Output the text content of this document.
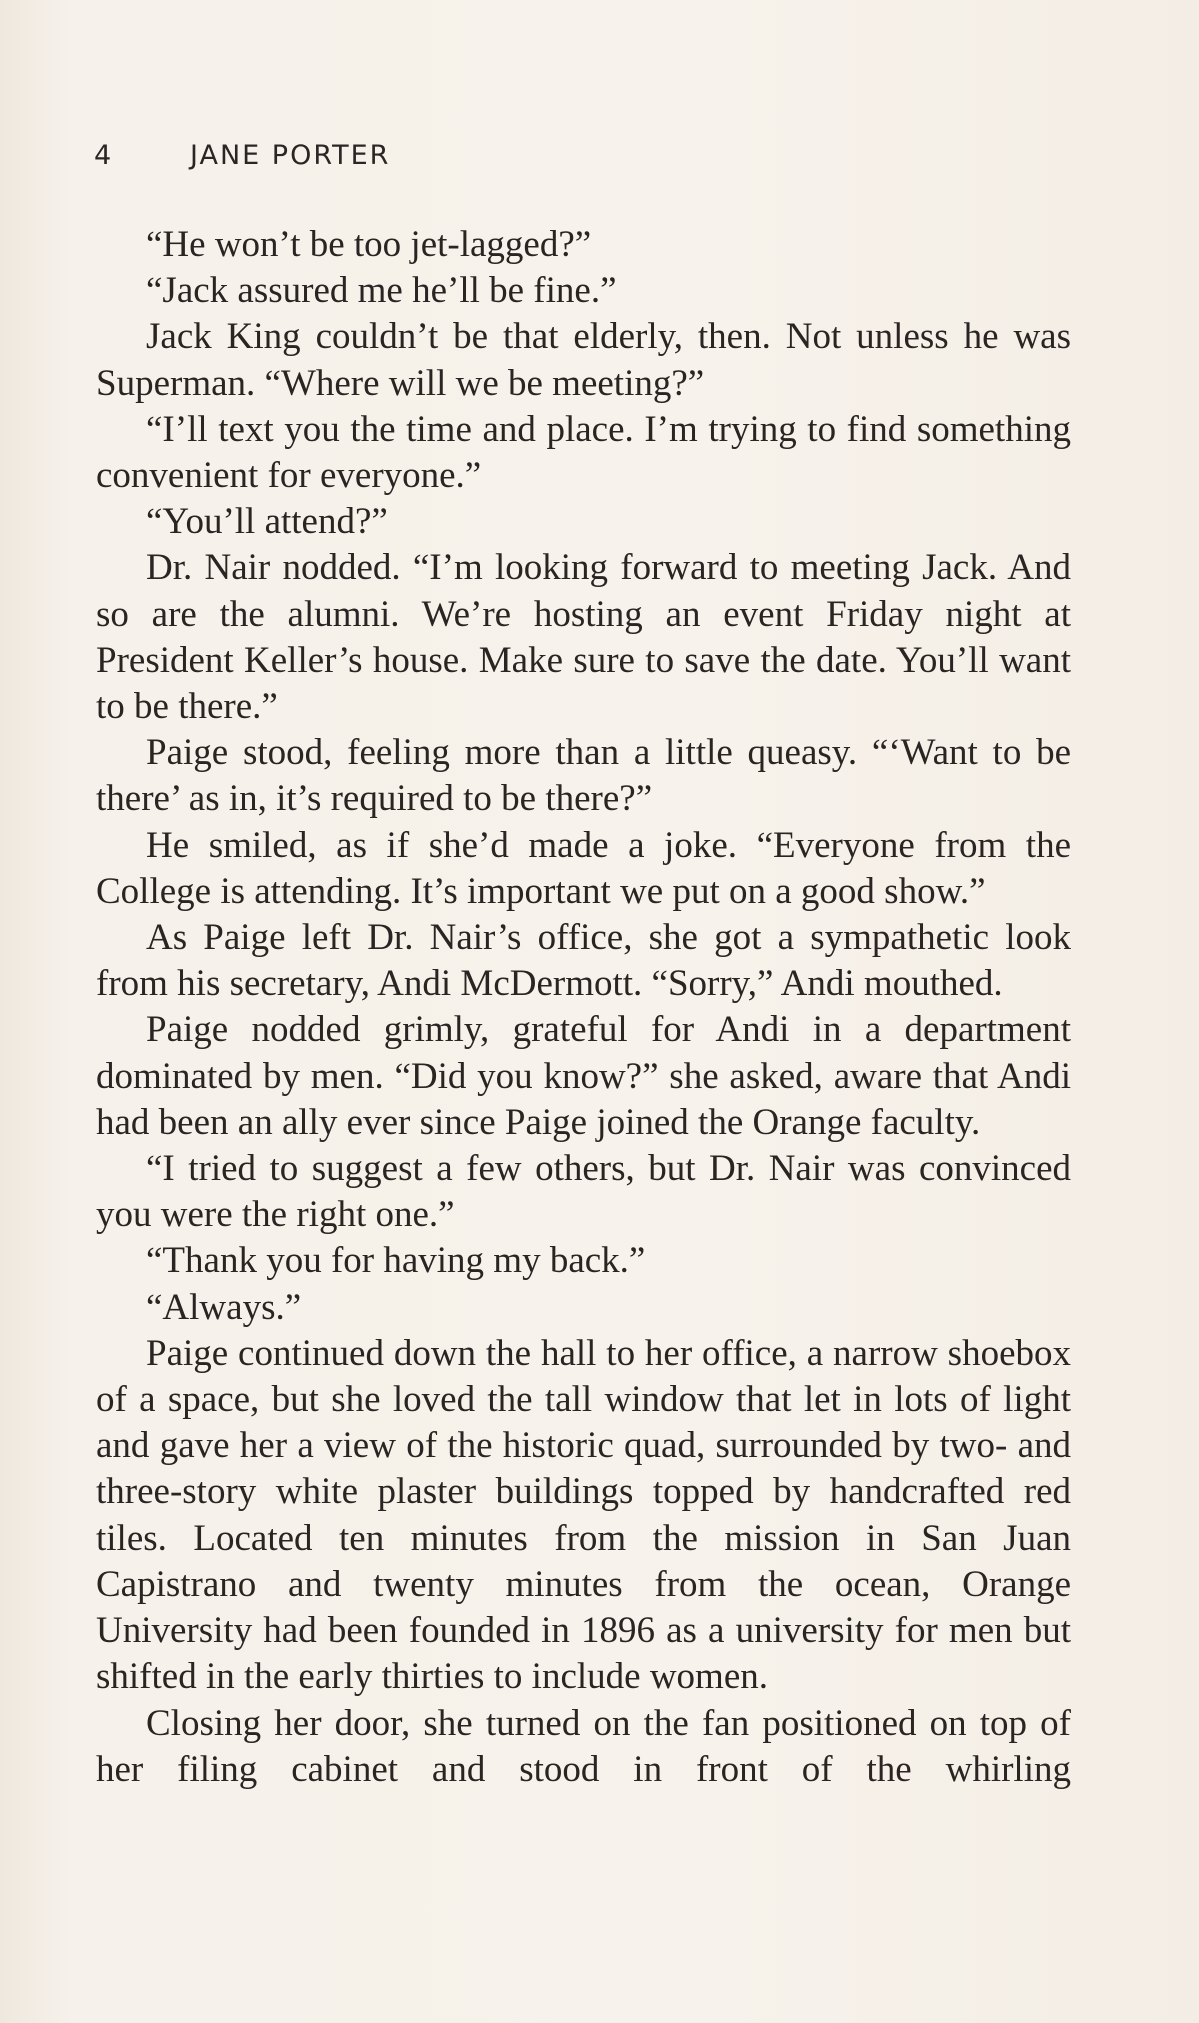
4	JANE PORTER

“He won’t be too jet-lagged?”

“Jack assured me he’ll be fine.”

Jack King couldn’t be that elderly, then. Not unless he was Superman. “Where will we be meeting?”

“I’ll text you the time and place. I’m trying to find something convenient for everyone.”

“You’ll attend?”

Dr. Nair nodded. “I’m looking forward to meeting Jack. And so are the alumni. We’re hosting an event Friday night at President Keller’s house. Make sure to save the date. You’ll want to be there.”

Paige stood, feeling more than a little queasy. “‘Want to be there’ as in, it’s required to be there?”

He smiled, as if she’d made a joke. “Everyone from the College is attending. It’s important we put on a good show.”

As Paige left Dr. Nair’s office, she got a sympathetic look from his secretary, Andi McDermott. “Sorry,” Andi mouthed.

Paige nodded grimly, grateful for Andi in a department dominated by men. “Did you know?” she asked, aware that Andi had been an ally ever since Paige joined the Orange faculty.

“I tried to suggest a few others, but Dr. Nair was convinced you were the right one.”

“Thank you for having my back.”

“Always.”

Paige continued down the hall to her office, a narrow shoebox of a space, but she loved the tall window that let in lots of light and gave her a view of the historic quad, surrounded by two- and three-story white plaster buildings topped by handcrafted red tiles. Located ten minutes from the mission in San Juan Capistrano and twenty minutes from the ocean, Orange University had been founded in 1896 as a university for men but shifted in the early thirties to include women.

Closing her door, she turned on the fan positioned on top of her filing cabinet and stood in front of the whirling
